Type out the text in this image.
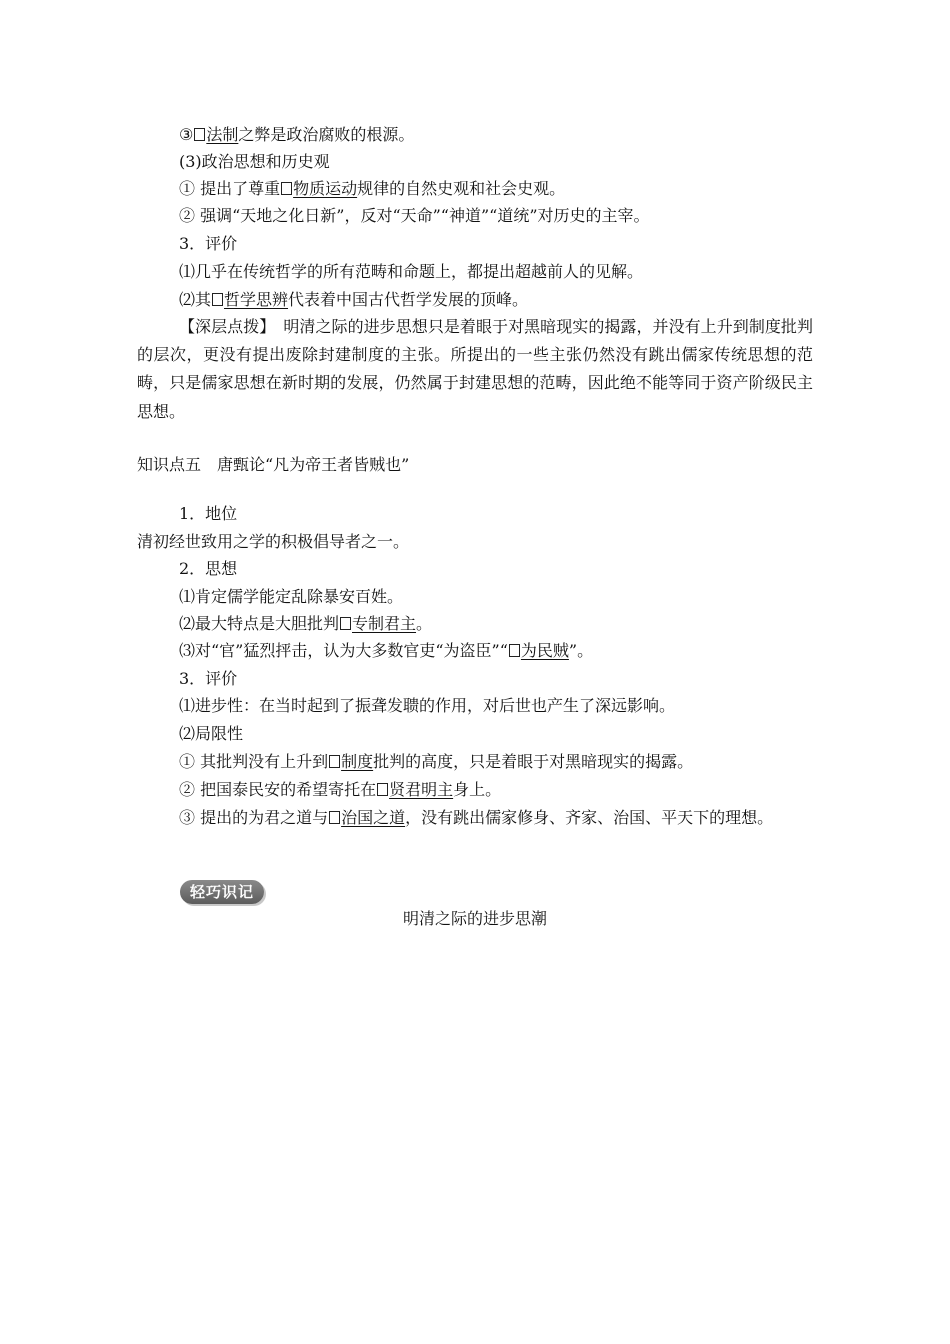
③ 法制之弊是政治腐败的根源。
(3)政治思想和历史观
① 提出了尊重 物质运动规律的自然史观和社会史观。
② 强调“天地之化日新”，反对“天命”“神道”“道统”对历史的主宰。
3．评价
⑴几乎在传统哲学的所有范畴和命题上，都提出超越前人的见解。
⑵其 哲学思辨代表着中国古代哲学发展的顶峰。
【深层点拨】　 明清之际的进步思想只是着眼于对黑暗现实的揭露，并没有上升到制度批判的层次，更没有提出废除封建制度的主张。所提出的一些主张仍然没有跳出儒家传统思想的范畴，只是儒家思想在新时期的发展，仍然属于封建思想的范畴，因此绝不能等同于资产阶级民主思想。
知识点五　唐甄论“凡为帝王者皆贼也”
1．地位
清初经世致用之学的积极倡导者之一。
2．思想
⑴肯定儒学能定乱除暴安百姓。
⑵最大特点是大胆批判 专制君主。
⑶对“官”猛烈抨击，认为大多数官吏“为盗臣”“ 为民贼”。
3．评价
⑴进步性：在当时起到了振聋发聩的作用，对后世也产生了深远影响。
⑵局限性
① 其批判没有上升到 制度批判的高度，只是着眼于对黑暗现实的揭露。
② 把国泰民安的希望寄托在 贤君明主身上。
③ 提出的为君之道与 治国之道，没有跳出儒家修身、齐家、治国、平天下的理想。
轻巧识记
明清之际的进步思潮
